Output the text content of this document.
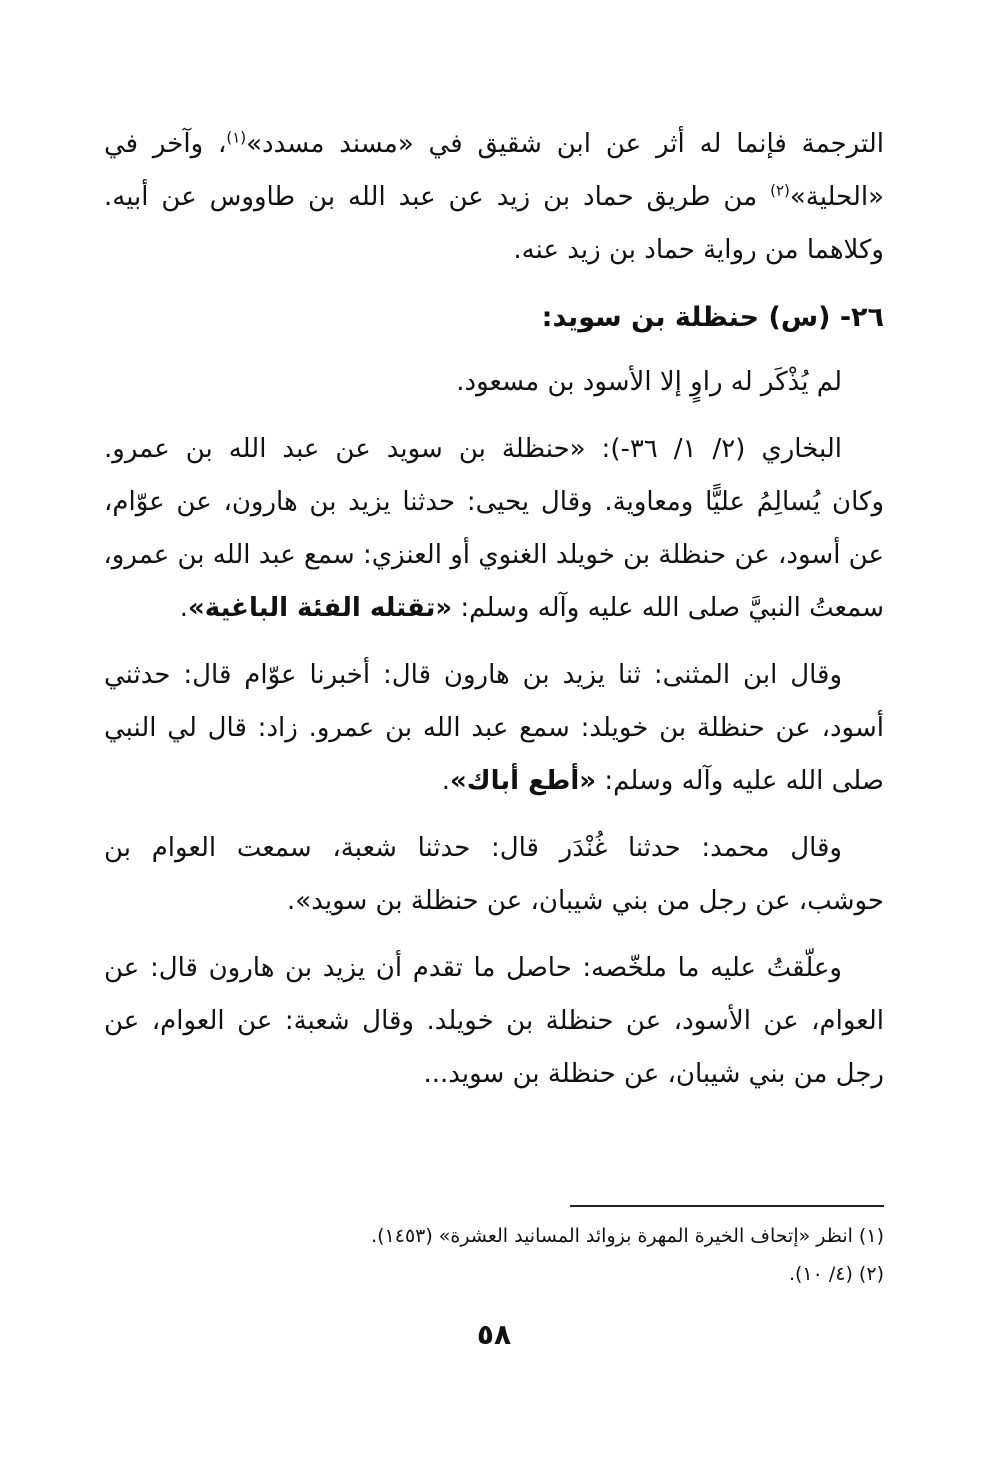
الترجمة فإنما له أثر عن ابن شقيق في «مسند مسدد»$^{(١)}$، وآخر في
«الحلية»$^{(٢)}$ من طريق حماد بن زيد عن عبد الله بن طاووس عن أبيه.
وكلاهما من رواية حماد بن زيد عنه.
٢٦- (س) حنظلة بن سويد:
لم يُذْكَر له راوٍ إلا الأسود بن مسعود.
البخاري (٢/ ١/ ٣٦-): «حنظلة بن سويد عن عبد الله بن عمرو.
وكان يُسالِمُ عليًّا ومعاوية. وقال يحيى: حدثنا يزيد بن هارون، عن عوّام،
عن أسود، عن حنظلة بن خويلد الغنوي أو العنزي: سمع عبد الله بن عمرو،
سمعتُ النبيَّ صلى الله عليه وآله وسلم: «تقتله الفئة الباغية».
وقال ابن المثنى: ثنا يزيد بن هارون قال: أخبرنا عوّام قال: حدثني
أسود، عن حنظلة بن خويلد: سمع عبد الله بن عمرو. زاد: قال لي النبي
صلى الله عليه وآله وسلم: «أطع أباك».
وقال محمد: حدثنا غُنْدَر قال: حدثنا شعبة، سمعت العوام بن
حوشب، عن رجل من بني شيبان، عن حنظلة بن سويد».
وعلّقتُ عليه ما ملخّصه: حاصل ما تقدم أن يزيد بن هارون قال: عن
العوام، عن الأسود، عن حنظلة بن خويلد. وقال شعبة: عن العوام، عن
رجل من بني شيبان، عن حنظلة بن سويد...
(١) انظر «إتحاف الخيرة المهرة بزوائد المسانيد العشرة» (١٤٥٣).
(٢) (٤/ ١٠).
٥٨
